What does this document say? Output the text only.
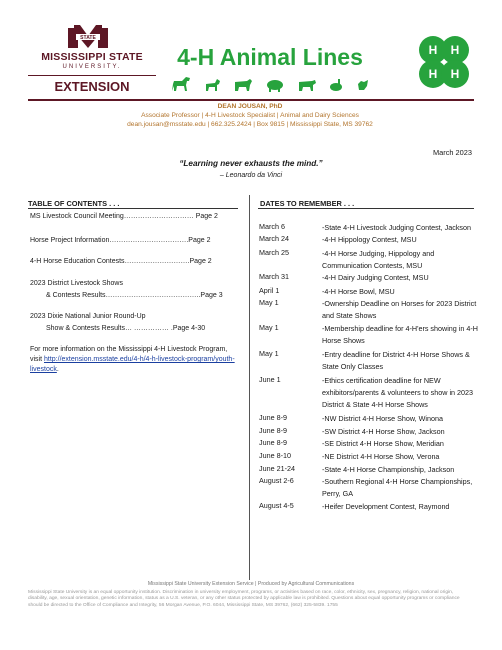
STATE
MISSISSIPPI STATE
UNIVERSITY.
EXTENSION
4-H Animal Lines	H H
H H
DEAN JOUSAN, PhD
Associate Professor | 4-H Livestock Specialist | Animal and Dairy Sciences
dean.jousan@msstate.edu | 662.325.2424 | Box 9815 | Mississippi State, MS 39762
March 2023
“Learning never exhausts the mind.”
– Leonardo da Vinci
TABLE OF CONTENTS . . .
MS Livestock Council Meeting………………………… Page 2
Horse Project Information…………………………….Page 2
4-H Horse Education Contests……………………….Page 2
2023 District Livestock Shows
& Contests Results…………………………………..Page 3
2023 Dixie National Junior Round-Up
Show & Contests Results… …………… .Page 4-30
For more information on the Mississippi 4-H Livestock Program, visit http://extension.msstate.edu/4-h/4-h-livestock-program/youth-livestock.
DATES TO REMEMBER . . .
March 6	-State 4-H Livestock Judging Contest, Jackson
March 24	-4-H Hippology Contest, MSU
March 25	-4-H Horse Judging, Hippology and Communication Contests, MSU
March 31	-4-H Dairy Judging Contest, MSU
April 1	-4-H Horse Bowl, MSU
May 1	-Ownership Deadline on Horses for 2023 District and State Shows
May 1	-Membership deadline for 4-H'ers showing in 4-H Horse Shows
May 1	-Entry deadline for District 4-H Horse Shows & State Only Classes
June 1	-Ethics certification deadline for NEW exhibitors/parents & volunteers to show in 2023 District & State 4-H Horse Shows
June 8-9	-NW District 4-H Horse Show, Winona
June 8-9	-SW District 4-H Horse Show, Jackson
June 8-9	-SE District 4-H Horse Show, Meridian
June 8-10	-NE District 4-H Horse Show, Verona
June 21-24	-State 4-H Horse Championship, Jackson
August 2-6	-Southern Regional 4-H Horse Championships, Perry, GA
August 4-5	-Heifer Development Contest, Raymond
Mississippi State University Extension Service | Produced by Agricultural Communications
Mississippi State University is an equal opportunity institution. Discrimination in university employment, programs, or activities based on race, color, ethnicity, sex, pregnancy, religion, national origin, disability, age, sexual orientation, genetic information, status as a U.S. veteran, or any other status protected by applicable law is prohibited. Questions about equal opportunity programs or compliance should be directed to the Office of Compliance and Integrity, 56 Morgan Avenue, P.O. 6044, Mississippi State, MS 39762, (662) 325-5839. 1755
